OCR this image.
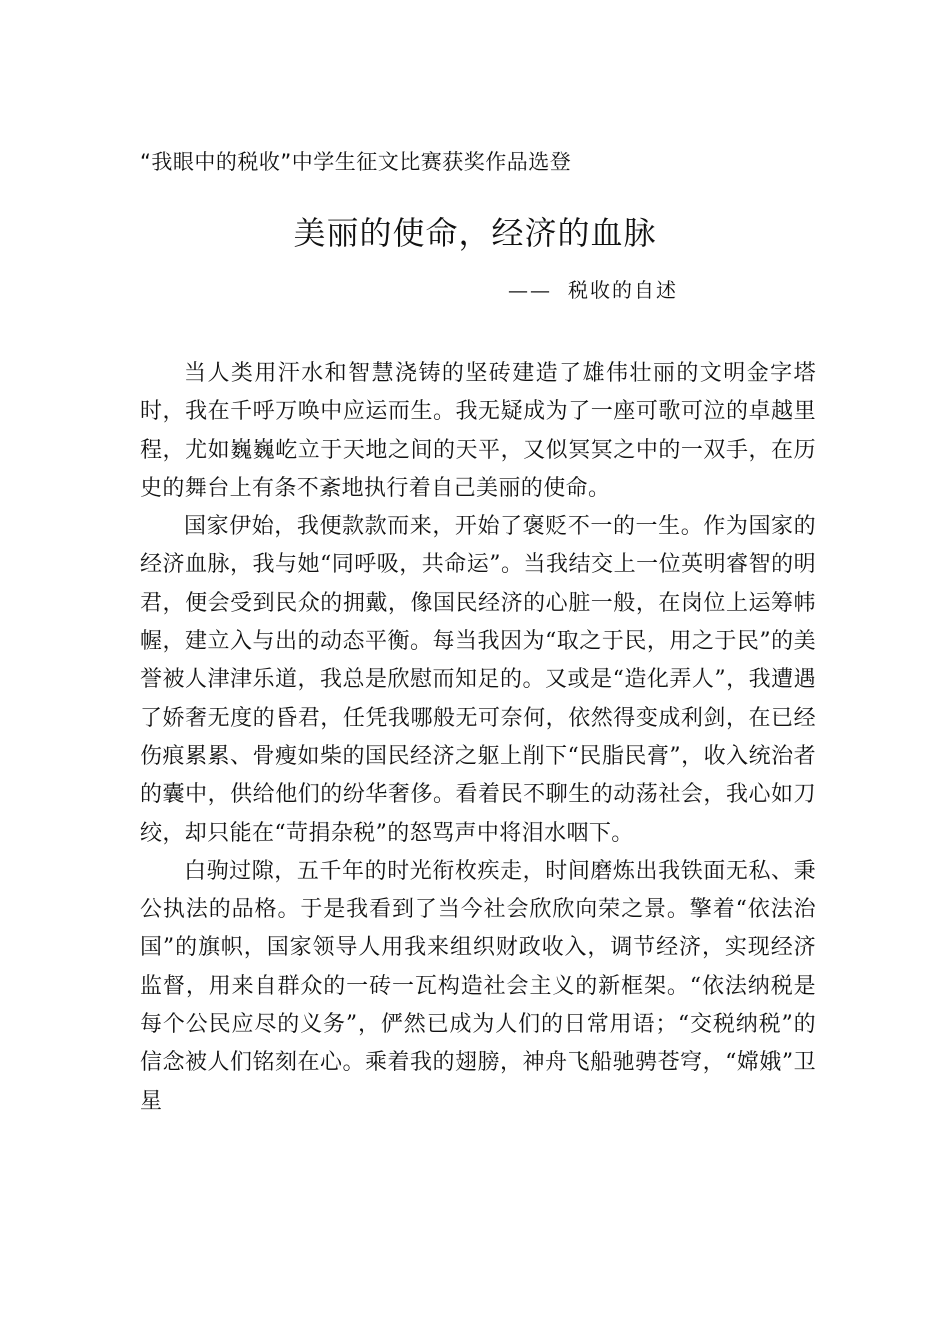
“我眼中的税收”中学生征文比赛获奖作品选登
美丽的使命，经济的血脉
—— 税收的自述

当人类用汗水和智慧浇铸的坚砖建造了雄伟壮丽的文明金字塔时，我在千呼万唤中应运而生。我无疑成为了一座可歌可泣的卓越里程，尤如巍巍屹立于天地之间的天平，又似冥冥之中的一双手，在历史的舞台上有条不紊地执行着自己美丽的使命。

国家伊始，我便款款而来，开始了褒贬不一的一生。作为国家的经济血脉，我与她“同呼吸，共命运”。当我结交上一位英明睿智的明君，便会受到民众的拥戴，像国民经济的心脏一般，在岗位上运筹帏幄，建立入与出的动态平衡。每当我因为“取之于民，用之于民”的美誉被人津津乐道，我总是欣慰而知足的。又或是“造化弄人”，我遭遇了娇奢无度的昏君，任凭我哪般无可奈何，依然得变成利剑，在已经伤痕累累、骨瘦如柴的国民经济之躯上削下“民脂民膏”，收入统治者的囊中，供给他们的纷华奢侈。看着民不聊生的动荡社会，我心如刀绞，却只能在“苛捐杂税”的怒骂声中将泪水咽下。

白驹过隙，五千年的时光衔枚疾走，时间磨炼出我铁面无私、秉公执法的品格。于是我看到了当今社会欣欣向荣之景。擎着“依法治国”的旗帜，国家领导人用我来组织财政收入，调节经济，实现经济监督，用来自群众的一砖一瓦构造社会主义的新框架。“依法纳税是每个公民应尽的义务”，俨然已成为人们的日常用语；“交税纳税”的信念被人们铭刻在心。乘着我的翅膀，神舟飞船驰骋苍穹，“嫦娥”卫星
